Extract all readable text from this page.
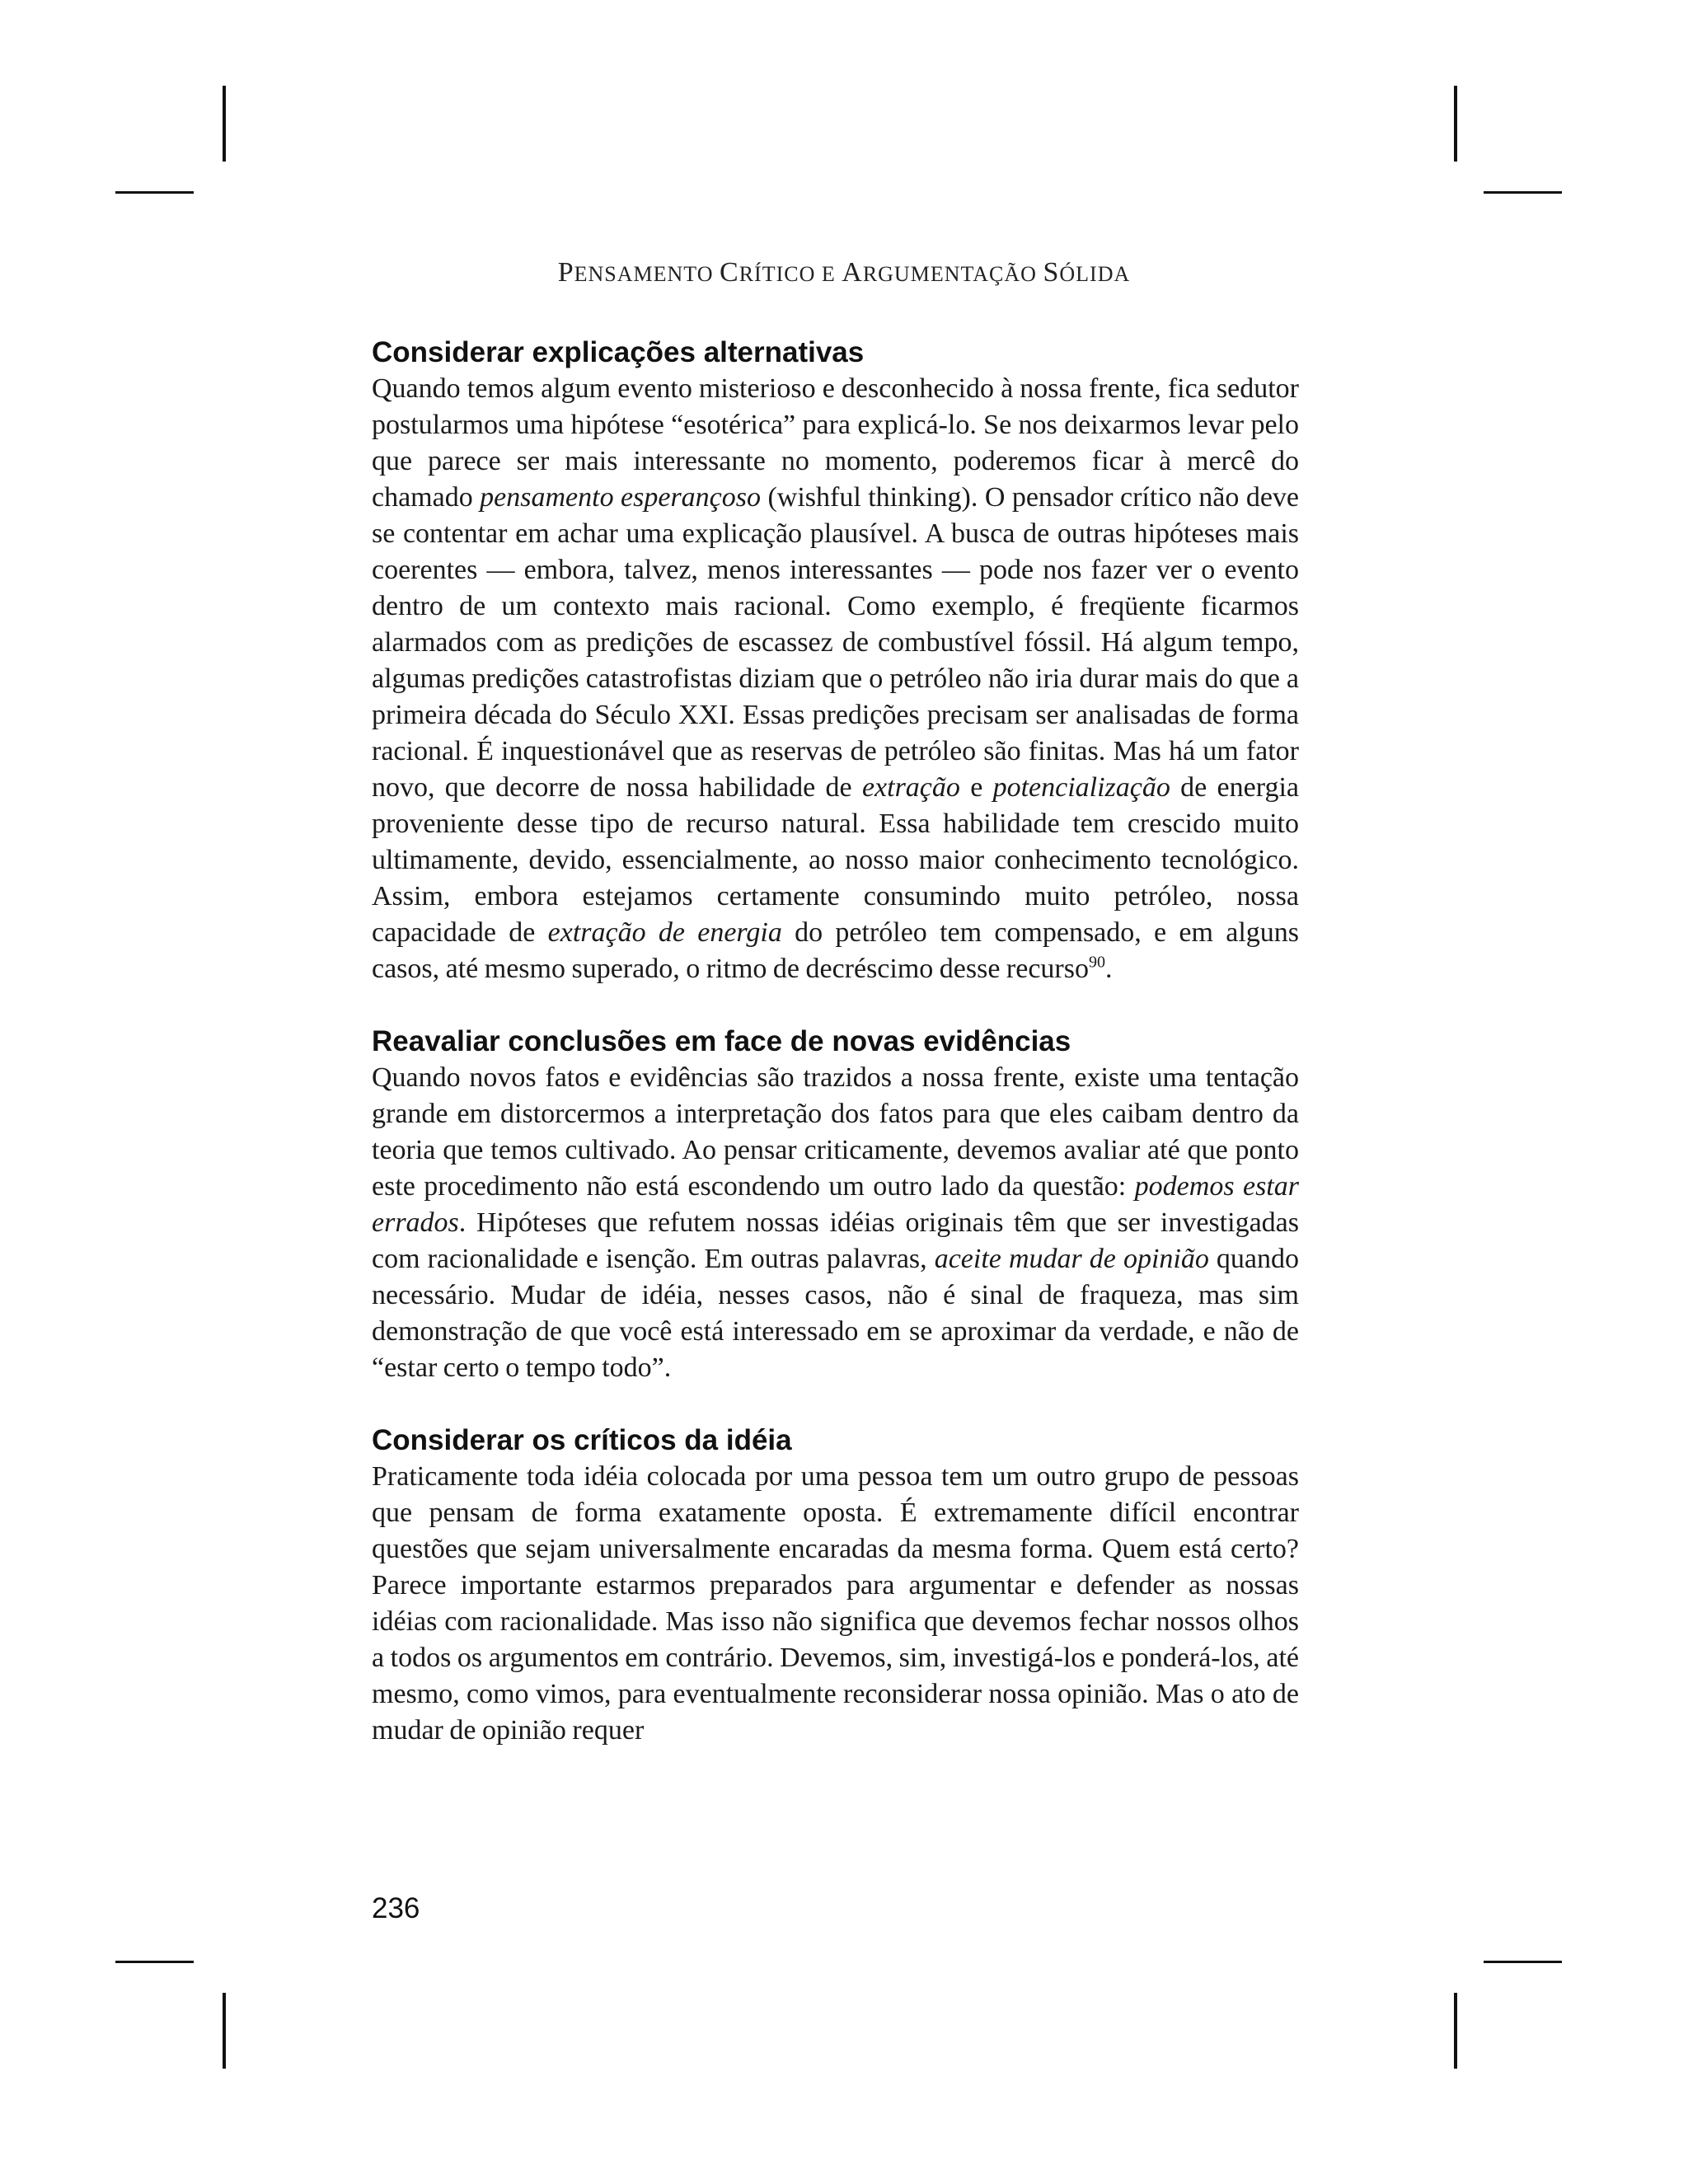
PENSAMENTO CRÍTICO E ARGUMENTAÇÃO SÓLIDA
Considerar explicações alternativas

Quando temos algum evento misterioso e desconhecido à nossa frente, fica sedutor postularmos uma hipótese “esotérica” para explicá-lo. Se nos deixarmos levar pelo que parece ser mais interessante no momento, poderemos ficar à mercê do chamado pensamento esperançoso (wishful thinking). O pensador crítico não deve se contentar em achar uma explicação plausível. A busca de outras hipóteses mais coerentes — embora, talvez, menos interessantes — pode nos fazer ver o evento dentro de um contexto mais racional. Como exemplo, é freqüente ficarmos alarmados com as predições de escassez de combustível fóssil. Há algum tempo, algumas predições catastrofistas diziam que o petróleo não iria durar mais do que a primeira década do Século XXI. Essas predições precisam ser analisadas de forma racional. É inquestionável que as reservas de petróleo são finitas. Mas há um fator novo, que decorre de nossa habilidade de extração e potencialização de energia proveniente desse tipo de recurso natural. Essa habilidade tem crescido muito ultimamente, devido, essencialmente, ao nosso maior conhecimento tecnológico. Assim, embora estejamos certamente consumindo muito petróleo, nossa capacidade de extração de energia do petróleo tem compensado, e em alguns casos, até mesmo superado, o ritmo de decréscimo desse recurso$^{90}$.

Reavaliar conclusões em face de novas evidências

Quando novos fatos e evidências são trazidos a nossa frente, existe uma tentação grande em distorcermos a interpretação dos fatos para que eles caibam dentro da teoria que temos cultivado. Ao pensar criticamente, devemos avaliar até que ponto este procedimento não está escondendo um outro lado da questão: podemos estar errados. Hipóteses que refutem nossas idéias originais têm que ser investigadas com racionalidade e isenção. Em outras palavras, aceite mudar de opinião quando necessário. Mudar de idéia, nesses casos, não é sinal de fraqueza, mas sim demonstração de que você está interessado em se aproximar da verdade, e não de “estar certo o tempo todo”.

Considerar os críticos da idéia

Praticamente toda idéia colocada por uma pessoa tem um outro grupo de pessoas que pensam de forma exatamente oposta. É extremamente difícil encontrar questões que sejam universalmente encaradas da mesma forma. Quem está certo? Parece importante estarmos preparados para argumentar e defender as nossas idéias com racionalidade. Mas isso não significa que devemos fechar nossos olhos a todos os argumentos em contrário. Devemos, sim, investigá-los e ponderá-los, até mesmo, como vimos, para eventualmente reconsiderar nossa opinião. Mas o ato de mudar de opinião requer

236
